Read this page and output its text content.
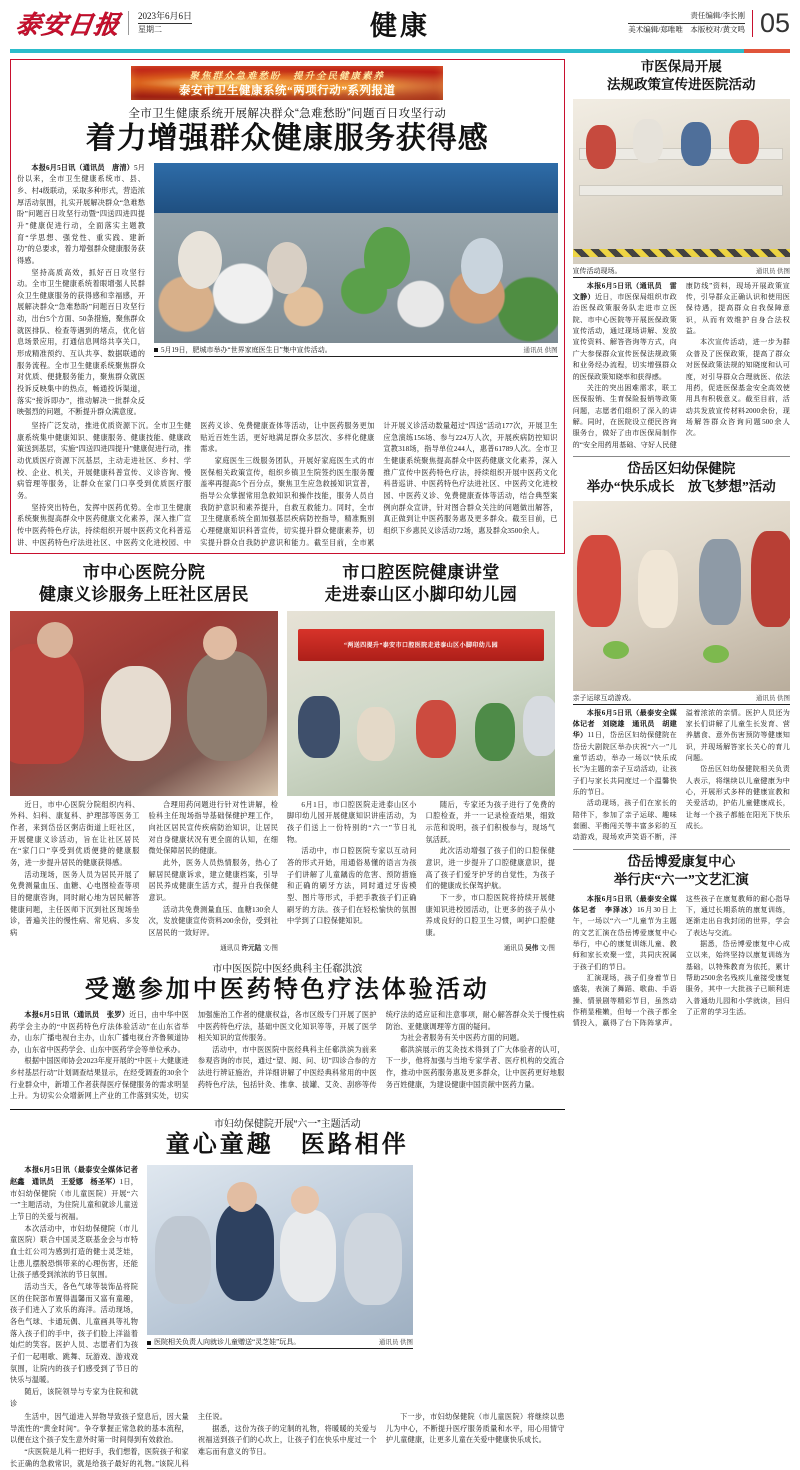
泰安日报 2023年6月6日
星期二	健康	责任编辑/李长刚
美术编辑/郑唯唯　本版校对/黄文鸣 05
聚焦群众急难愁盼　提升全民健康素养
泰安市卫生健康系统“两项行动”系列报道
全市卫生健康系统开展解决群众“急难愁盼”问题百日攻坚行动
着力增强群众健康服务获得感

本报6月5日讯（通讯员　唐清）5月份以来，全市卫生健康系统市、县、乡、村4级联动，采取多种形式，营造浓厚活动氛围，扎实开展解决群众“急难愁盼”问题百日攻坚行动暨“四送四进四提升”健康促进行动，全面落实主题教育“学思想、强党性、重实践、建新功”的总要求，着力增强群众健康服务获得感。

坚持高质高效，抓好百日攻坚行动。全市卫生健康系统着眼增强人民群众卫生健康服务的获得感和幸福感，开展解决群众“急难愁盼”问题百日攻坚行动，出台5个方面、50条措施，聚焦群众就医排队、检查等遇到的堵点，优化信息场景应用，打通信息网络共享关口，形成精准预约、互认共享、数据联通的服务流程。全市卫生健康系统聚焦群众对优质、便捷服务能力，聚焦群众就医投诉反映集中的热点，畅通投诉渠道，落实“接诉即办”，推动解决一批群众反映强烈的问题，不断提升群众满意度。

5月19日，肥城市举办“世界家庭医生日”集中宣传活动。	通讯员 供图

坚持广泛发动，推进优质资源下沉。全市卫生健康系统集中健康知识、健康服务、健康技能、健康政策送到基层，实施“四送四进四提升”健康促进行动，推动优质医疗资源下沉基层，主动走进社区、乡村、学校、企业、机关，开展健康科普宣传、义诊咨询、慢病管理等服务，让群众在家门口享受到优质医疗服务。

坚持突出特色，发挥中医药优势。全市卫生健康系统聚焦提高群众中医药健康文化素养，深入推广宣传中医药特色疗法，持续组织开展中医药文化科普巡讲、中医药特色疗法进社区、中医药文化进校园、中医药义诊、免费健康查体等活动，让中医药服务更加贴近百姓生活，更好地满足群众多层次、多样化健康需求。

家庭医生三级服务团队，开展好家庭医生式的市医保相关政策宣传，组织乡镇卫生院签约医生服务覆盖率再提高5个百分点，聚焦卫生应急救援知识宣普，指导公众掌握常用急救知识和操作技能，服务人员自我防护意识和素养提升，自救互救能力。同时，全市卫生健康系统全面加强基层疾病防控指导，精准甄别心理健康知识科普宣传，切实提升群众健康素养，切实提升群众自我防护意识和能力。截至目前，全市累计开展义诊活动数量超过“四送”活动177次，开展卫生应急演练156场、参与224万人次，开展疾病防控知识宣教318场，指导单位244人，惠普61789人次。全市卫生健康系统聚焦提高群众中医药健康文化素养，深入推广宣传中医药特色疗法，持续组织开展中医药文化科普巡讲、中医药特色疗法进社区、中医药文化进校园、中医药义诊、免费健康查体等活动，结合典型案例向群众宣讲，针对图合群众关注的问题做出解答，真正做到让中医药服务惠及更多群众。截至目前，已组织下乡惠民义诊活动72场，惠及群众3500余人。

市中心医院分院
健康义诊服务上旺社区居民

近日，市中心医院分院组织内科、外科、妇科、康复科、护理部等医务工作者，来到岱岳区粥店街道上旺社区，开展健康义诊活动，旨在让社区居民在“家门口”享受到优质便捷的健康服务，进一步提升居民的健康获得感。

活动现场，医务人员为居民开展了免费测量血压、血糖、心电图检查等项目的健康咨询，同时耐心地为居民解答健康问题，主任医师下沉到社区现场坐诊，普遍关注的慢性病、常见病、多发病

合理用药问题进行针对性讲解，检验科主任现场指导基础保健护理工作，向社区居民宣传疾病防治知识，让居民对自身健康状况有更全面的认知，在细微处保障居民的健康。

此外，医务人员热情服务，热心了解居民健康诉求，建立健康档案，引导居民养成健康生活方式，提升自我保健意识。

活动共免费测量血压、血糖130余人次，发放健康宣传资料200余份，受到社区居民的一致好评。

通讯员 许元陆 文/图
市口腔医院健康讲堂
走进泰山区小脚印幼儿园
“两送四提升”泰安市口腔医院走进泰山区小脚印幼儿园

6月1日，市口腔医院走进泰山区小脚印幼儿园开展健康知识讲座活动，为孩子们送上一份特别的“六一”节日礼物。

活动中，市口腔医院专家以互动问答的形式开始，用通俗易懂的语言为孩子们讲解了儿童龋齿的危害、预防措施和正确的刷牙方法，同时通过牙齿模型、图片等形式，手把手教孩子们正确刷牙的方法。孩子们在轻松愉快的氛围中学到了口腔保健知识。

随后，专家还为孩子进行了免费的口腔检查，并一一记录检查结果，细致示范和说明，孩子们积极参与，现场气氛活跃。

此次活动增强了孩子们的口腔保健意识，进一步提升了口腔健康意识，提高了孩子们爱牙护牙的自觉性，为孩子们的健康成长保驾护航。

下一步，市口腔医院将持续开展健康知识进校园活动，让更多的孩子从小养成良好的口腔卫生习惯，呵护口腔健康。

通讯员 吴伟 文/图
市中医医院中医经典科主任郗洪滨
受邀参加中医药特色疗法体验活动

本报6月5日讯（通讯员　张罗）近日，由中华中医药学会主办的“中医药特色疗法体验活动”在山东省举办，山东广播电视台主办，山东广播电视台齐鲁频道协办，山东省中医药学会、山东中医药学会等单位承办。

根据中国医师协会2023年度开展的“中医＋大健康进乡村基层行动”计划调查结果显示，在经受调查的30余个行业群众中，新增工作者获得医疗保健服务的需求明显上升。为切实公众增新网上产业的工作落到实处，切实加强施治工作者的健康权益，各市区级专门开展了医护中医药特色疗法，基础中医文化知识等等，开展了医学相关知识的宣传服务。

活动中，市中医医院中医经典科主任郗洪滨为前来参观咨询的市民，通过“望、闻、问、切”四诊合参的方法进行辨证施治，并详细讲解了中医经典科常用的中医药特色疗法，包括针灸、推拿、拔罐、艾灸、刮痧等传统疗法的适应证和注意事项，耐心解答群众关于慢性病防治、亚健康调理等方面的疑问。

为社会者服务有关中医药方面的问题。

郗洪滨展示的艾灸技术得到了广大体验者的认可，下一步，他将加强与当地专家学者、医疗机构的交流合作，推动中医药服务惠及更多群众，让中医药更好地服务百姓健康，为建设健康中国贡献中医药力量。

市妇幼保健院开展“六一”主题活动
童心童趣　医路相伴

本报6月5日讯（最泰安全媒体记者　赵鑫　通讯员　王爱娜　杨圣军）1日，市妇幼保健院（市儿童医院）开展“六一”主题活动，为住院儿童和就诊儿童送上节日的关爱与祝福。

本次活动中，市妇幼保健院（市儿童医院）联合中国灵芝联基金会与市特血士红公司为感到打造的健士灵芝娃，让患儿摆脱恐惧带来的心理伤害，还能让孩子感受到浓浓的节日氛围。

活动当天，各色气球等装饰品将院区的住院部布置得温馨而又富有童趣，孩子们进入了欢乐的海洋。活动现场，各色气球、卡通玩偶、儿童画具等礼物落入孩子们的手中，孩子们脸上洋溢着灿烂的笑容。医护人员、志愿者们为孩子们一起唱歌、跳舞、玩游戏、游戏戏氛围，让院内的孩子们感受到了节日的快乐与温暖。

随后，该院领导与专家为住院和就诊

医院相关负责人向就诊儿童赠送“灵芝娃”玩具。	通讯员 供图

生活中，因气道进入异物导致孩子窒息后，因大量导流性的“黄金时间”。争夺掌握正常急救的基本流程，以便在这个孩子发生意外时第一时间得到有效救治。

“庆医院是儿科一把好手，我们想着，医院孩子和家长正确的急救常识，就是给孩子最好的礼物。”该院儿科主任说。

据悉，这份为孩子的定制的礼物，将暖暖的关爱与祝福送到孩子们的心坎上，让孩子们在快乐中度过一个难忘而有意义的节日。

下一步，市妇幼保健院（市儿童医院）将继续以患儿为中心，不断提升医疗服务质量和水平，用心用情守护儿童健康，让更多儿童在关爱中健康快乐成长。

市医保局开展
法规政策宣传进医院活动
宣传活动现场。	通讯员 供图

本报6月5日讯（通讯员　雷文静）近日，市医保局组织市政治医保政策服务队走进市立医院、市中心医院等开展医保政策宣传活动，通过现场讲解、发放宣传资料、解答咨询等方式，向广大参保群众宣传医保法规政策和业务经办流程，切实增强群众的医保政策知晓率和获得感。

关注的突出困难需求，联工医保报销、生育保险报销等政策问题，志愿者们组织了深入的讲解。同时，在医院设立便民咨询服务台，做好了由市医保局制作的“安全用药用基础、守好人民健康防线”资料，现场开展政策宣传，引导群众正确认识和使用医保待遇，提高群众自我保障意识，从而有效维护自身合法权益。

本次宣传活动，进一步为群众普及了医保政策，提高了群众对医保政策法规的知晓度和认可度，对引导群众合理就医、依法用药，促进医保基金安全高效使用具有积极意义。截至目前，活动共发放宣传材料2000余份，现场解答群众咨询问题500余人次。

岱岳区妇幼保健院
举办“快乐成长　放飞梦想”活动
亲子运球互动游戏。	通讯员 供图

本报6月5日讯（最泰安全媒体记者　刘晓雄　通讯员　胡建华）11日，岱岳区妇幼保健院在岱岳大剧院区举办庆祝“六一”儿童节活动，举办一场以“快乐成长”为主题的亲子互动活动，让孩子们与家长共同度过一个温馨快乐的节日。

活动现场，孩子们在家长的陪伴下，参加了亲子运球、趣味套圈、平衡闯关等丰富多彩的互动游戏，现场欢声笑语不断，洋溢着浓浓的亲情。医护人员还为家长们讲解了儿童生长发育、营养膳食、意外伤害预防等健康知识，并现场解答家长关心的育儿问题。

岱岳区妇幼保健院相关负责人表示，将继续以儿童健康为中心，开展形式多样的健康宣教和关爱活动，护佑儿童健康成长，让每一个孩子都能在阳光下快乐成长。

岱岳博爱康复中心
举行庆“六一”文艺汇演

本报6月5日讯（最泰安全媒体记者　李泽冰）16月30日上午，一场以“六一”儿童节为主题的文艺汇演在岱岳博爱康复中心举行，中心的康复训练儿童、教师和家长欢聚一堂，共同庆祝属于孩子们的节日。

汇演现场，孩子们身着节日盛装，表演了舞蹈、歌曲、手语操、情景剧等精彩节目，虽然动作稍显稚嫩，但每一个孩子都全情投入，赢得了台下阵阵掌声。这些孩子在康复教师的耐心指导下，通过长期系统的康复训练，逐渐走出自我封闭的世界，学会了表达与交流。

据悉，岱岳博爱康复中心成立以来，始终坚持以康复训练为基础，以特殊教育为依托，累计帮助2500余名残疾儿童接受康复服务，其中一大批孩子已顺利进入普通幼儿园和小学就读，回归了正常的学习生活。
